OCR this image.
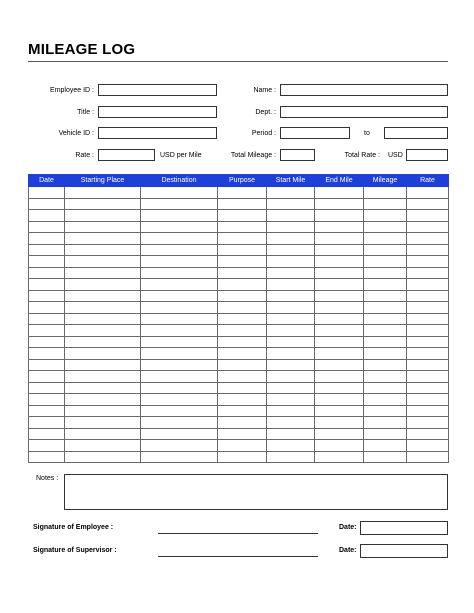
MILEAGE LOG
Employee ID :	Name :
Title :	Dept. :
Vehicle ID :	Period :	to
Rate :	USD per Mile	Total Mileage :	Total Rate : USD
Date	Starting Place	Destination	Purpose	Start Mile	End Mile	Mileage	Rate

Notes :
Signature of Employee :	Date:
Signature of Supervisor :	Date:
